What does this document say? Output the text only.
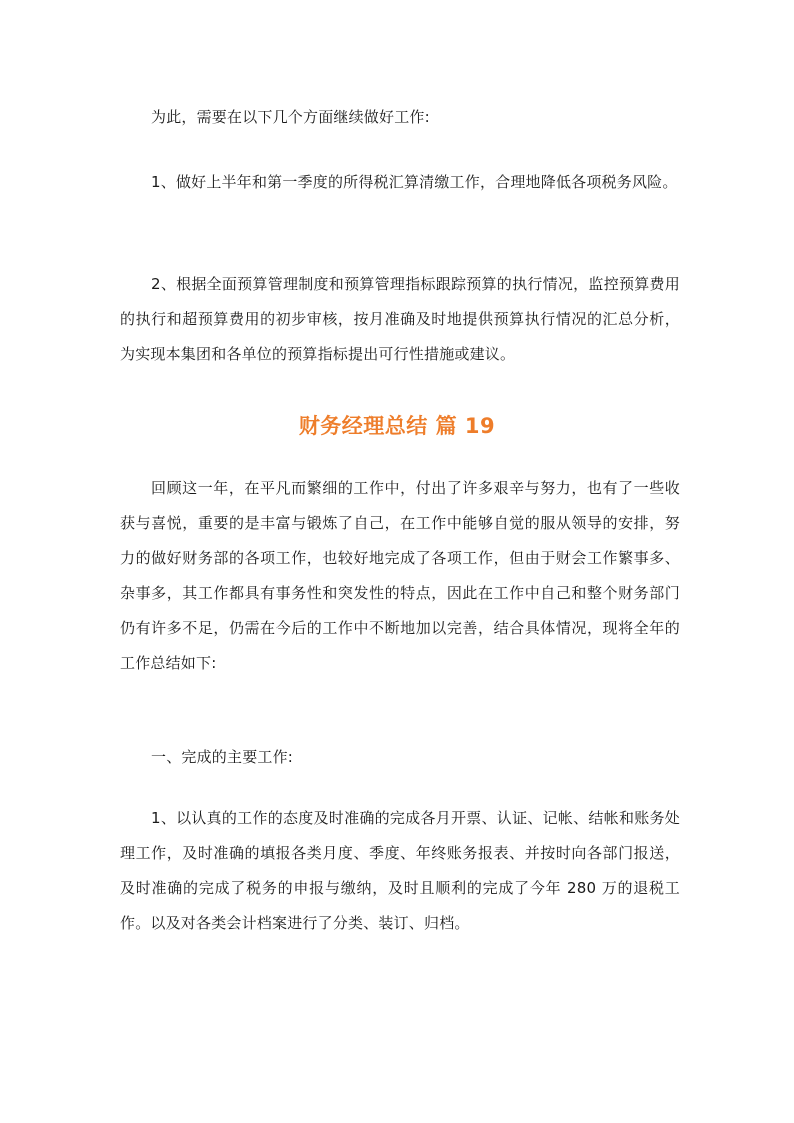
为此，需要在以下几个方面继续做好工作:

1、做好上半年和第一季度的所得税汇算清缴工作，合理地降低各项税务风险。

2、根据全面预算管理制度和预算管理指标跟踪预算的执行情况，监控预算费用的执行和超预算费用的初步审核，按月准确及时地提供预算执行情况的汇总分析，为实现本集团和各单位的预算指标提出可行性措施或建议。

财务经理总结 篇 19

回顾这一年，在平凡而繁细的工作中，付出了许多艰辛与努力，也有了一些收获与喜悦，重要的是丰富与锻炼了自己，在工作中能够自觉的服从领导的安排，努力的做好财务部的各项工作，也较好地完成了各项工作，但由于财会工作繁事多、杂事多，其工作都具有事务性和突发性的特点，因此在工作中自己和整个财务部门仍有许多不足，仍需在今后的工作中不断地加以完善，结合具体情况，现将全年的工作总结如下:

一、完成的主要工作:

1、以认真的工作的态度及时准确的完成各月开票、认证、记帐、结帐和账务处理工作，及时准确的填报各类月度、季度、年终账务报表、并按时向各部门报送，及时准确的完成了税务的申报与缴纳，及时且顺利的完成了今年 280 万的退税工作。以及对各类会计档案进行了分类、装订、归档。
